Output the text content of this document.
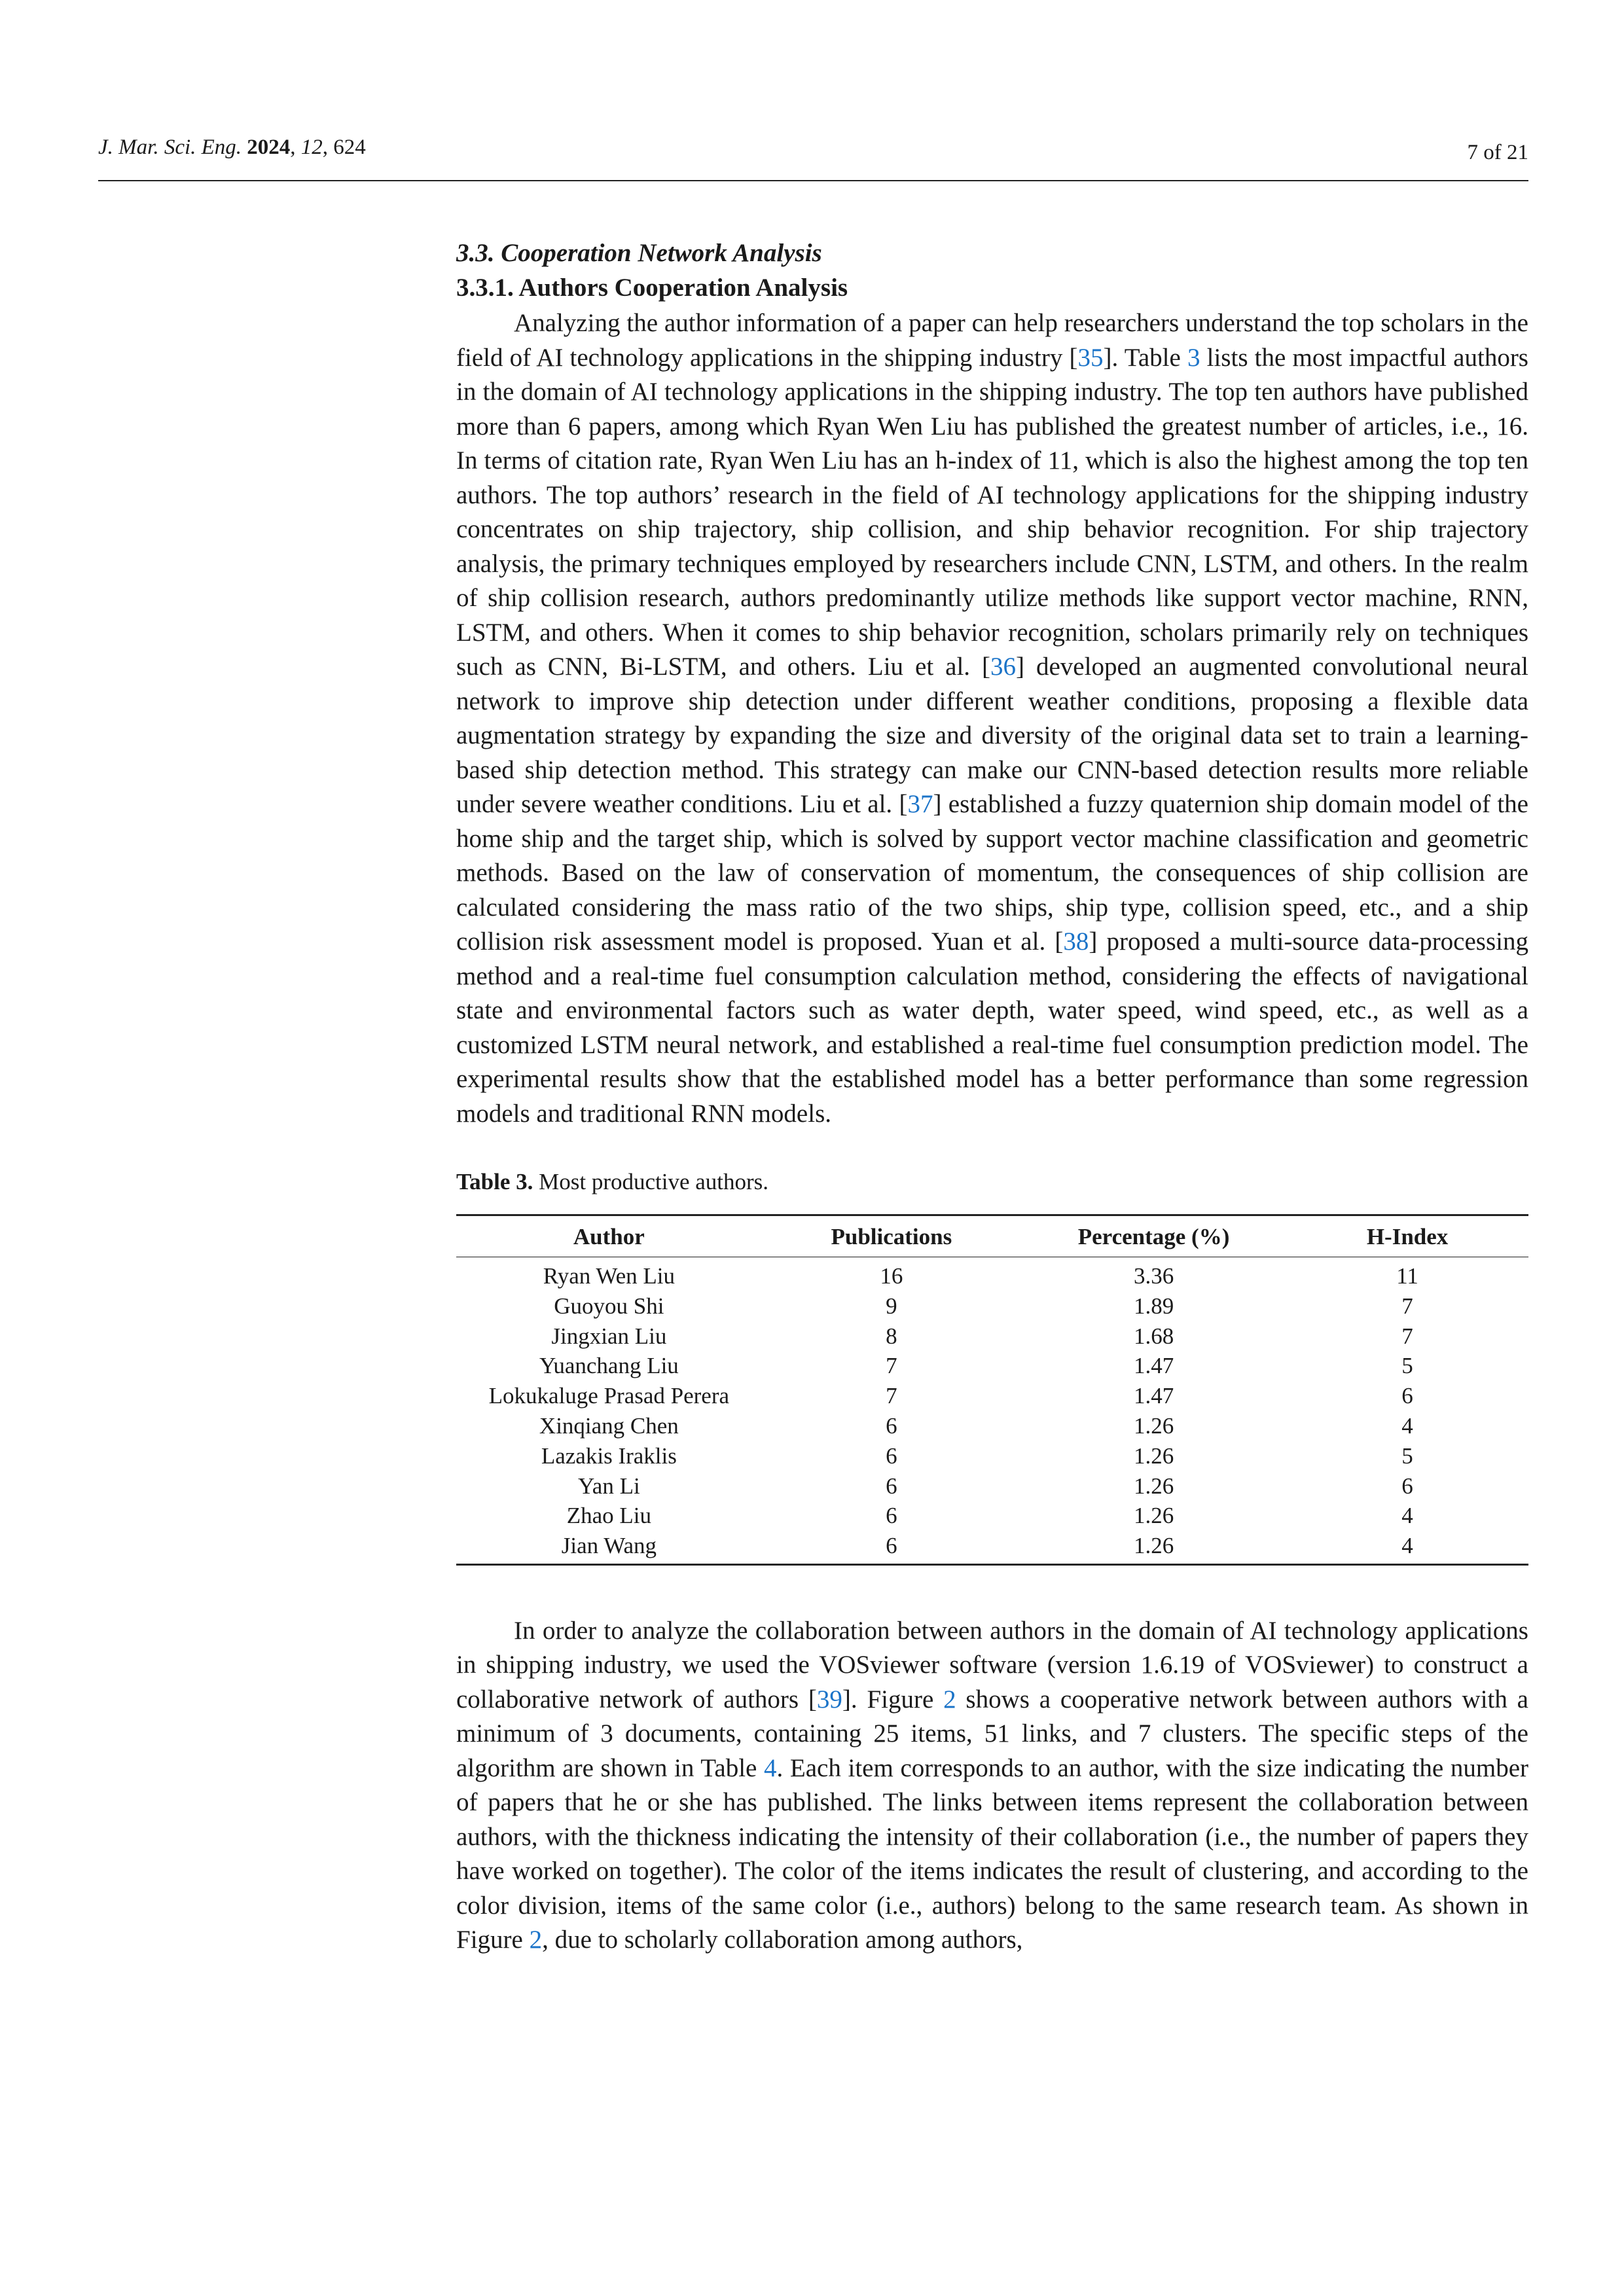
J. Mar. Sci. Eng. 2024, 12, 624	7 of 21
3.3. Cooperation Network Analysis
3.3.1. Authors Cooperation Analysis

Analyzing the author information of a paper can help researchers understand the top scholars in the field of AI technology applications in the shipping industry [35]. Table 3 lists the most impactful authors in the domain of AI technology applications in the shipping industry. The top ten authors have published more than 6 papers, among which Ryan Wen Liu has published the greatest number of articles, i.e., 16. In terms of citation rate, Ryan Wen Liu has an h-index of 11, which is also the highest among the top ten authors. The top authors’ research in the field of AI technology applications for the shipping industry concentrates on ship trajectory, ship collision, and ship behavior recognition. For ship trajectory analysis, the primary techniques employed by researchers include CNN, LSTM, and others. In the realm of ship collision research, authors predominantly utilize methods like support vector machine, RNN, LSTM, and others. When it comes to ship behavior recognition, scholars primarily rely on techniques such as CNN, Bi-LSTM, and others. Liu et al. [36] developed an augmented convolutional neural network to improve ship detection under different weather conditions, proposing a flexible data augmentation strategy by expanding the size and diversity of the original data set to train a learning-based ship detection method. This strategy can make our CNN-based detection results more reliable under severe weather conditions. Liu et al. [37] established a fuzzy quaternion ship domain model of the home ship and the target ship, which is solved by support vector machine classification and geometric methods. Based on the law of conservation of momentum, the consequences of ship collision are calculated considering the mass ratio of the two ships, ship type, collision speed, etc., and a ship collision risk assessment model is proposed. Yuan et al. [38] proposed a multi-source data-processing method and a real-time fuel consumption calculation method, considering the effects of navigational state and environmental factors such as water depth, water speed, wind speed, etc., as well as a customized LSTM neural network, and established a real-time fuel consumption prediction model. The experimental results show that the established model has a better performance than some regression models and traditional RNN models.

Table 3. Most productive authors.
Author	Publications	Percentage (%)	H-Index
Ryan Wen Liu	16	3.36	11
Guoyou Shi	9	1.89	7
Jingxian Liu	8	1.68	7
Yuanchang Liu	7	1.47	5
Lokukaluge Prasad Perera	7	1.47	6
Xinqiang Chen	6	1.26	4
Lazakis Iraklis	6	1.26	5
Yan Li	6	1.26	6
Zhao Liu	6	1.26	4
Jian Wang	6	1.26	4

In order to analyze the collaboration between authors in the domain of AI technology applications in shipping industry, we used the VOSviewer software (version 1.6.19 of VOSviewer) to construct a collaborative network of authors [39]. Figure 2 shows a cooperative network between authors with a minimum of 3 documents, containing 25 items, 51 links, and 7 clusters. The specific steps of the algorithm are shown in Table 4. Each item corresponds to an author, with the size indicating the number of papers that he or she has published. The links between items represent the collaboration between authors, with the thickness indicating the intensity of their collaboration (i.e., the number of papers they have worked on together). The color of the items indicates the result of clustering, and according to the color division, items of the same color (i.e., authors) belong to the same research team. As shown in Figure 2, due to scholarly collaboration among authors,
